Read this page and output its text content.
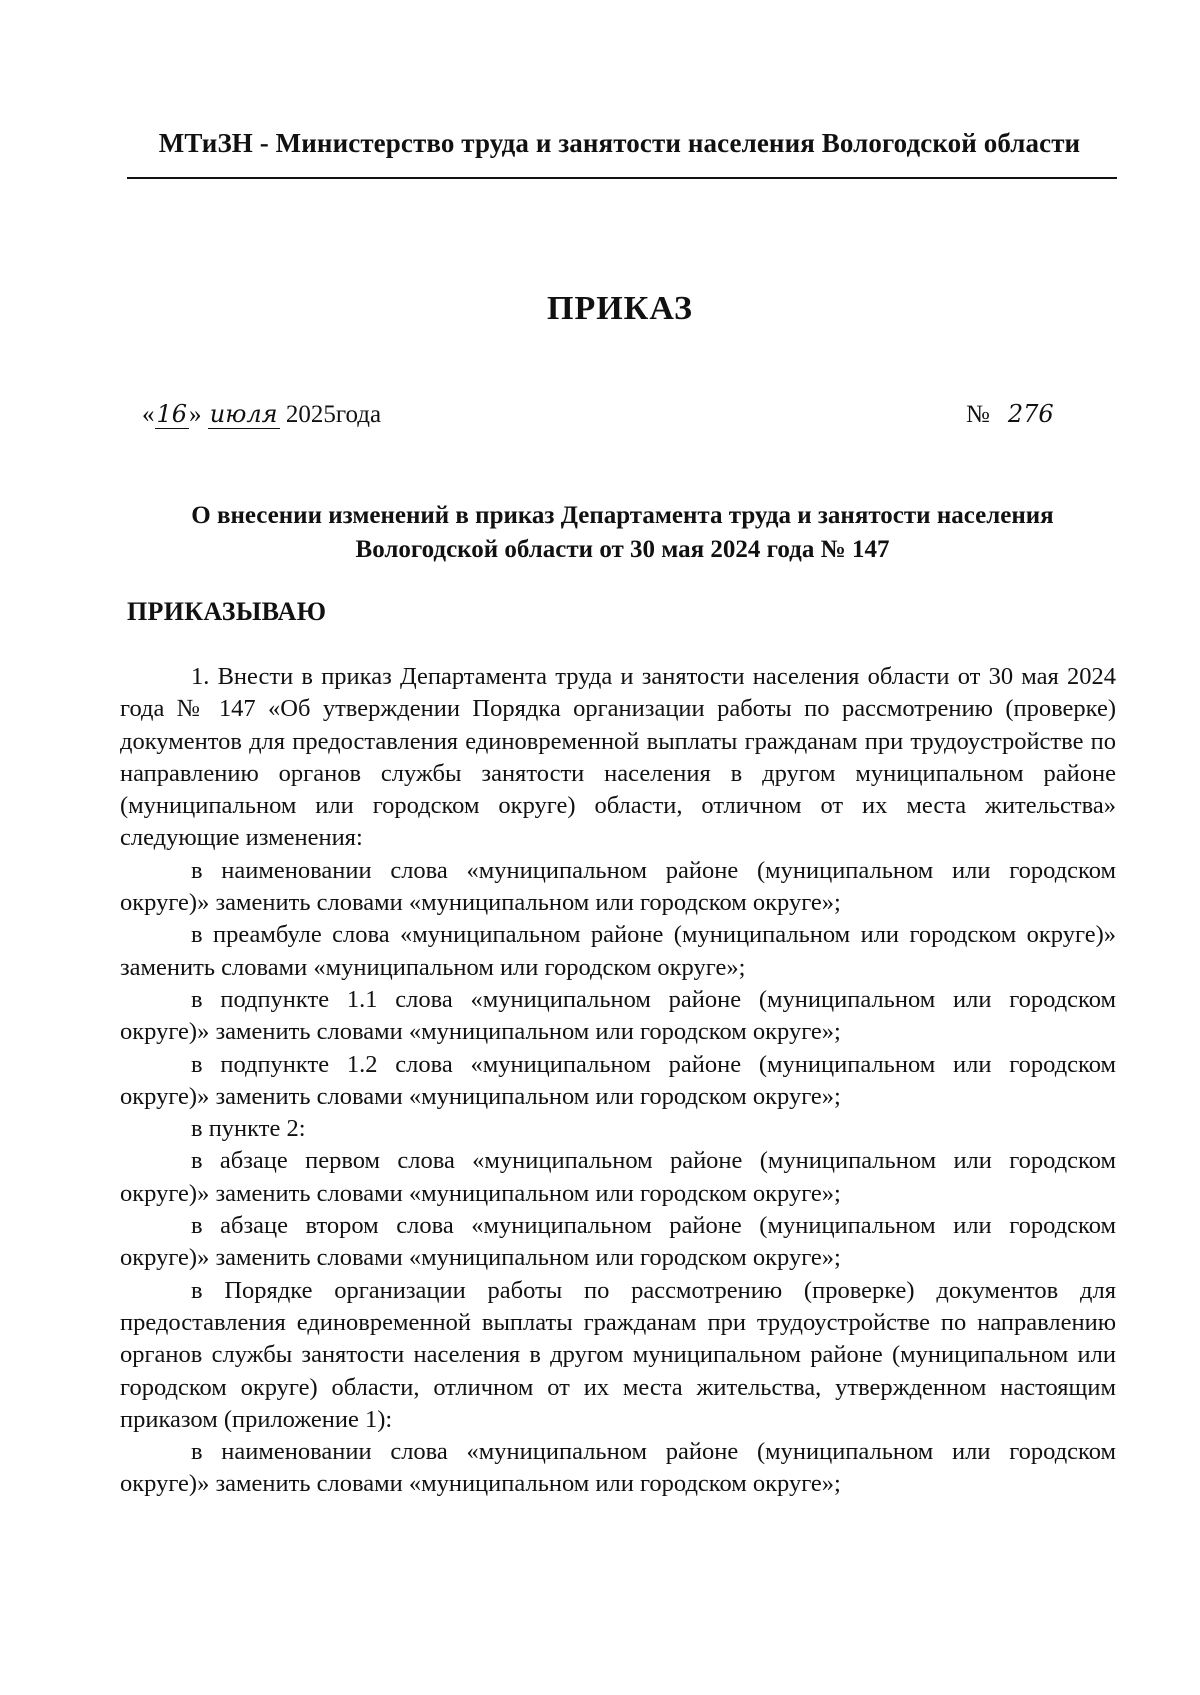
МТиЗН - Министерство труда и занятости населения Вологодской области
ПРИКАЗ
«16» июля 2025года	№ 276
О внесении изменений в приказ Департамента труда и занятости населения
Вологодской области от 30 мая 2024 года № 147
ПРИКАЗЫВАЮ

1. Внести в приказ Департамента труда и занятости населения области от 30 мая 2024 года № 147 «Об утверждении Порядка организации работы по рассмотрению (проверке) документов для предоставления единовременной выплаты гражданам при трудоустройстве по направлению органов службы занятости населения в другом муниципальном районе (муниципальном или городском округе) области, отличном от их места жительства» следующие изменения:

в наименовании слова «муниципальном районе (муниципальном или городском округе)» заменить словами «муниципальном или городском округе»;

в преамбуле слова «муниципальном районе (муниципальном или городском округе)» заменить словами «муниципальном или городском округе»;

в подпункте 1.1 слова «муниципальном районе (муниципальном или городском округе)» заменить словами «муниципальном или городском округе»;

в подпункте 1.2 слова «муниципальном районе (муниципальном или городском округе)» заменить словами «муниципальном или городском округе»;

в пункте 2:

в абзаце первом слова «муниципальном районе (муниципальном или городском округе)» заменить словами «муниципальном или городском округе»;

в абзаце втором слова «муниципальном районе (муниципальном или городском округе)» заменить словами «муниципальном или городском округе»;

в Порядке организации работы по рассмотрению (проверке) документов для предоставления единовременной выплаты гражданам при трудоустройстве по направлению органов службы занятости населения в другом муниципальном районе (муниципальном или городском округе) области, отличном от их места жительства, утвержденном настоящим приказом (приложение 1):

в наименовании слова «муниципальном районе (муниципальном или городском округе)» заменить словами «муниципальном или городском округе»;
